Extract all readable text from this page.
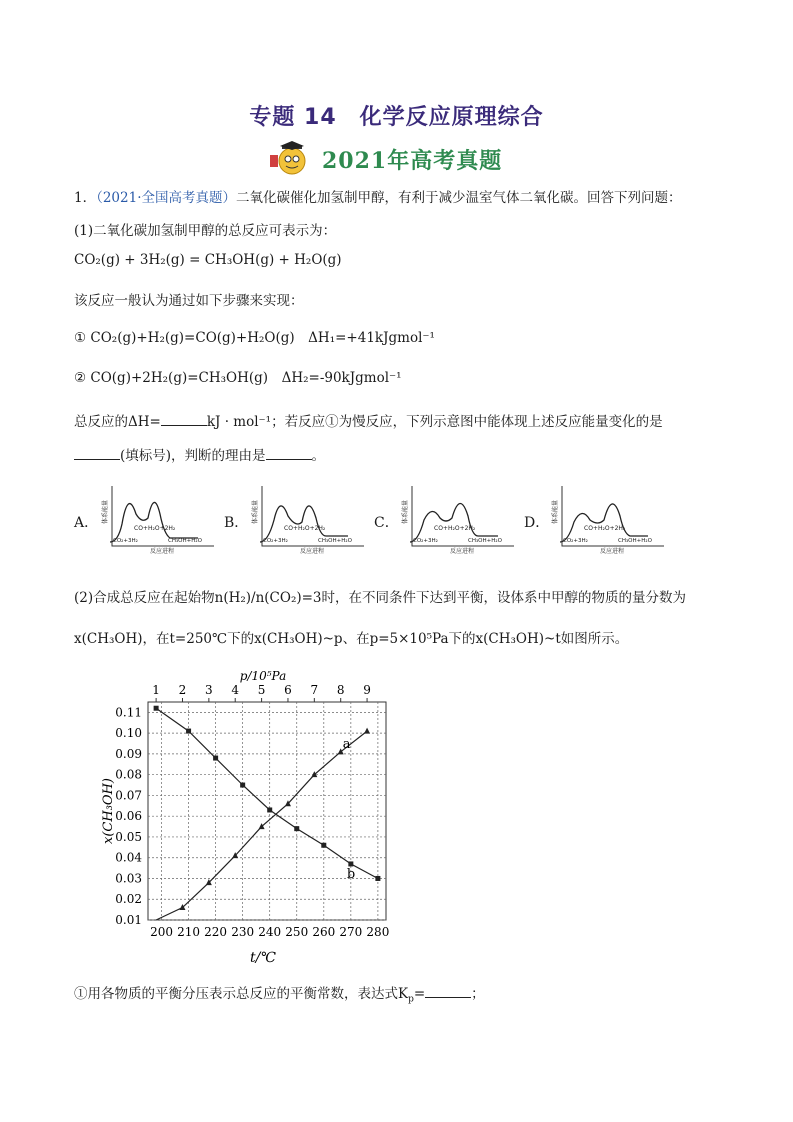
专题 14　化学反应原理综合
2021年高考真题
1．（2021·全国高考真题）二氧化碳催化加氢制甲醇，有利于减少温室气体二氧化碳。回答下列问题：
(1)二氧化碳加氢制甲醇的总反应可表示为：
CO₂(g) + 3H₂(g) = CH₃OH(g) + H₂O(g)
该反应一般认为通过如下步骤来实现：
① CO₂(g)+H₂(g)=CO(g)+H₂O(g)　ΔH₁=+41kJgmol⁻¹
② CO(g)+2H₂(g)=CH₃OH(g)　ΔH₂=-90kJgmol⁻¹
总反应的ΔH=	kJ · mol⁻¹；若反应①为慢反应，下列示意图中能体现上述反应能量变化的是
(填标号)，判断的理由是	。
A． 体系能量
CO+H₂O+2H₂
CO₂+3H₂	CH₃OH+H₂O
反应进程
B． 体系能量
CO+H₂O+2H₂
CO₂+3H₂	CH₃OH+H₂O
反应进程
C． 体系能量
CO+H₂O+2H₂
CO₂+3H₂	CH₃OH+H₂O
反应进程
D． 体系能量
CO+H₂O+2H₂
CO₂+3H₂	CH₃OH+H₂O
反应进程
(2)合成总反应在起始物n(H₂)/n(CO₂)=3时，在不同条件下达到平衡，设体系中甲醇的物质的量分数为
x(CH₃OH)，在t=250℃下的x(CH₃OH)~p、在p=5×10⁵Pa下的x(CH₃OH)~t如图所示。
200 210 220 230 240 250 260 270 280
0.01
0.02
0.03
0.04
0.05
0.06
0.07
0.08
0.09
0.10
0.11
1 2 3 4 5 6 7 8 9
p/10⁵Pa
t/℃
x(CH₃OH)
a
b
①用各物质的平衡分压表示总反应的平衡常数，表达式$K_p=$	；
